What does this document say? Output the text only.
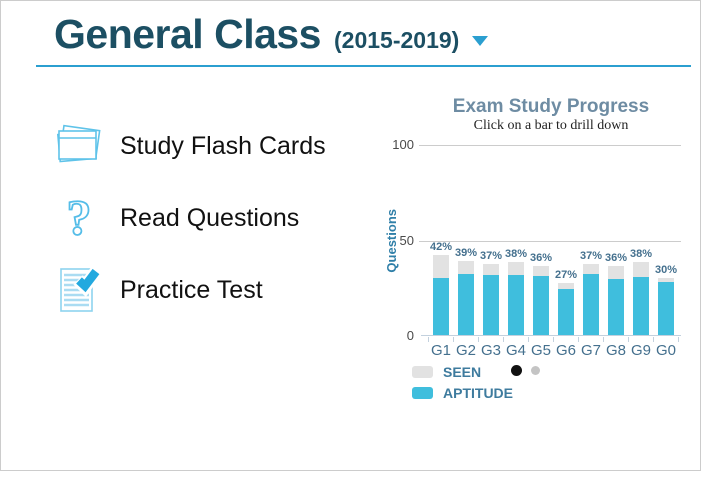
General Class (2015-2019)
Study Flash Cards
? Read Questions
Practice Test
Exam Study Progress
Click on a bar to drill down
Questions
0
50
100
42%
G1
39%
G2
37%
G3
38%
G4
36%
G5
27%
G6
37%
G7
36%
G8
38%
G9
30%
G0
SEEN
APTITUDE
